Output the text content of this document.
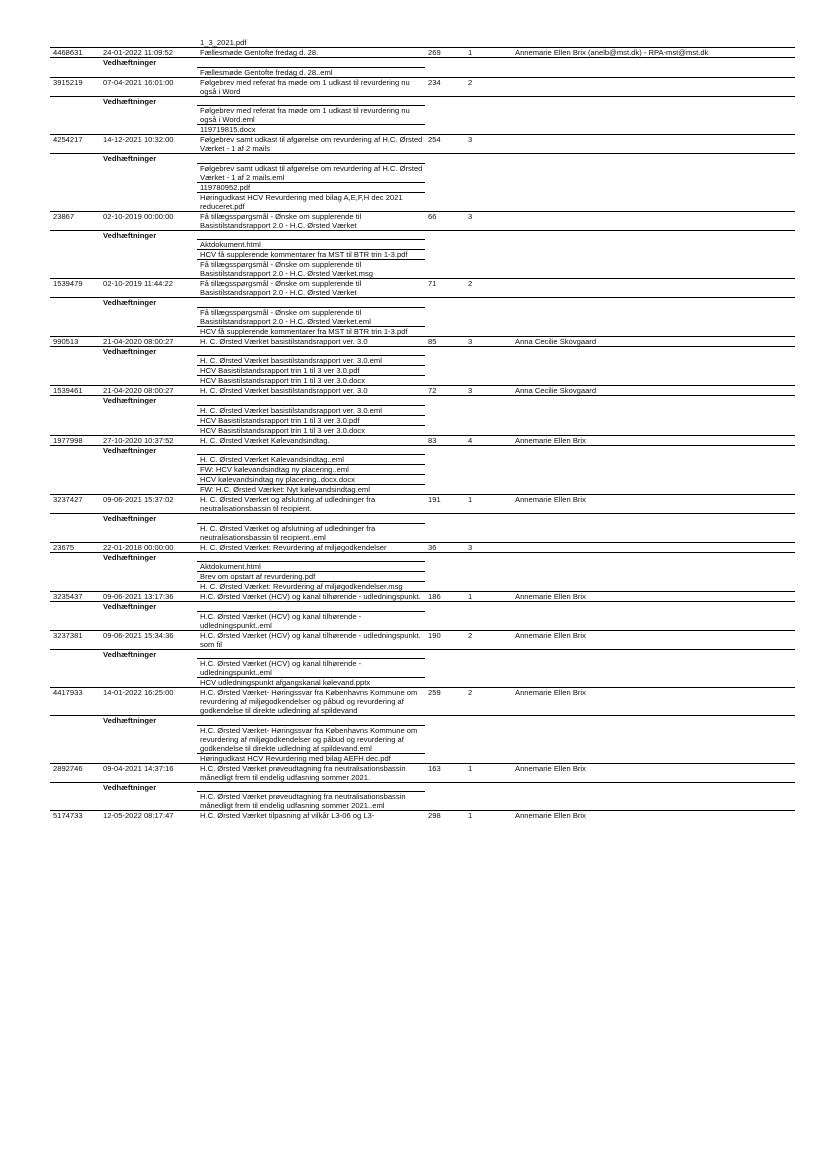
		1_3_2021.pdf			
4468631	24-01-2022 11:09:52	Fællesmøde Gentofte fredag d. 28.	269	1	Annemarie Ellen Brix (anelb@mst.dk) - RPA-mst@mst.dk
	Vedhæftninger				
		Fællesmøde Gentofte fredag d. 28..eml			
3915219	07-04-2021 16:01:00	Følgebrev med referat fra møde om 1 udkast til revurdering nu også i Word	234	2	
	Vedhæftninger				
		Følgebrev med referat fra møde om 1 udkast til revurdering nu også i Word.eml			
		119719815.docx			
4254217	14-12-2021 10:32:00	Følgebrev samt udkast til afgørelse om revurdering af H.C. Ørsted Værket - 1 af 2 mails	254	3	
	Vedhæftninger				
		Følgebrev samt udkast til afgørelse om revurdering af H.C. Ørsted Værket - 1 af 2 mails.eml			
		119780952.pdf			
		Høringudkast HCV Revurdering med bilag A,E,F,H dec 2021 reduceret.pdf			
23867	02-10-2019 00:00:00	Få tillægsspørgsmål - Ønske om supplerende til Basistilstandsrapport 2.0 - H.C. Ørsted Værket	66	3	
	Vedhæftninger				
		Aktdokument.html			
		HCV få supplerende kommentarer fra MST til BTR trin 1-3.pdf			
		Få tillægsspørgsmål - Ønske om supplerende til Basistilstandsrapport 2.0 - H.C. Ørsted Værket.msg			
1539479	02-10-2019 11:44:22	Få tillægsspørgsmål - Ønske om supplerende til Basistilstandsrapport 2.0 - H.C. Ørsted Værket	71	2	
	Vedhæftninger				
		Få tillægsspørgsmål - Ønske om supplerende til Basistilstandsrapport 2.0 - H.C. Ørsted Værket.eml			
		HCV få supplerende kommentarer fra MST til BTR trin 1-3.pdf			
990513	21-04-2020 08:00:27	H. C. Ørsted Værket basistilstandsrapport ver. 3.0	85	3	Anna Cecilie Skovgaard
	Vedhæftninger				
		H. C. Ørsted Værket basistilstandsrapport ver. 3.0.eml			
		HCV Basistilstandsrapport trin 1 til 3 ver 3.0.pdf			
		HCV Basistilstandsrapport trin 1 til 3 ver 3.0.docx			
1539461	21-04-2020 08:00:27	H. C. Ørsted Værket basistilstandsrapport ver. 3.0	72	3	Anna Cecilie Skovgaard
	Vedhæftninger				
		H. C. Ørsted Værket basistilstandsrapport ver. 3.0.eml			
		HCV Basistilstandsrapport trin 1 til 3 ver 3.0.pdf			
		HCV Basistilstandsrapport trin 1 til 3 ver 3.0.docx			
1977998	27-10-2020 10:37:52	H. C. Ørsted Værket Kølevandsindtag.	83	4	Annemarie Ellen Brix
	Vedhæftninger				
		H. C. Ørsted Værket Kølevandsindtag..eml			
		FW: HCV kølevandsindtag ny placering..eml			
		HCV kølevandsindtag ny placering..docx.docx			
		FW: H.C. Ørsted Værket: Nyt kølevandsindtag.eml			
3237427	09-06-2021 15:37:02	H. C. Ørsted Værket og afslutning af udledninger fra neutralisationsbassin til recipient.	191	1	Annemarie Ellen Brix
	Vedhæftninger				
		H. C. Ørsted Værket og afslutning af udledninger fra neutralisationsbassin til recipient..eml			
23675	22-01-2018 00:00:00	H. C. Ørsted Værket: Revurdering af miljøgodkendelser	36	3	
	Vedhæftninger				
		Aktdokument.html			
		Brev om opstart af revurdering.pdf			
		H. C. Ørsted Værket: Revurdering af miljøgodkendelser.msg			
3235437	09-06-2021 13:17:36	H.C. Ørsted Værket (HCV) og kanal tilhørende - udledningspunkt.	186	1	Annemarie Ellen Brix
	Vedhæftninger				
		H.C. Ørsted Værket (HCV) og kanal tilhørende - udledningspunkt..eml			
3237381	09-06-2021 15:34:36	H.C. Ørsted Værket (HCV) og kanal tilhørende - udledningspunkt. som fil	190	2	Annemarie Ellen Brix
	Vedhæftninger				
		H.C. Ørsted Værket (HCV) og kanal tilhørende - udledningspunkt..eml			
		HCV udledningspunkt afgangskanal kølevand.pptx			
4417933	14-01-2022 16:25:00	H.C. Ørsted Værket- Høringssvar fra Københavns Kommune om revurdering af miljøgodkendelser og påbud og revurdering af godkendelse til direkte udledning af spildevand	259	2	Annemarie Ellen Brix
	Vedhæftninger				
		H.C. Ørsted Værket- Høringssvar fra Københavns Kommune om revurdering af miljøgodkendelser og påbud og revurdering af godkendelse til direkte udledning af spildevand.eml			
		Høringudkast HCV Revurdering med bilag AEFH dec.pdf			
2892746	09-04-2021 14:37:16	H.C. Ørsted Værket prøveudtagning fra neutralisationsbassin månedligt frem til endelig udfasning sommer 2021.	163	1	Annemarie Ellen Brix
	Vedhæftninger				
		H.C. Ørsted Værket prøveudtagning fra neutralisationsbassin månedligt frem til endelig udfasning sommer 2021..eml			
5174733	12-05-2022 08:17:47	H.C. Ørsted Værket tilpasning af vilkår L3-06 og L3-	298	1	Annemarie Ellen Brix
